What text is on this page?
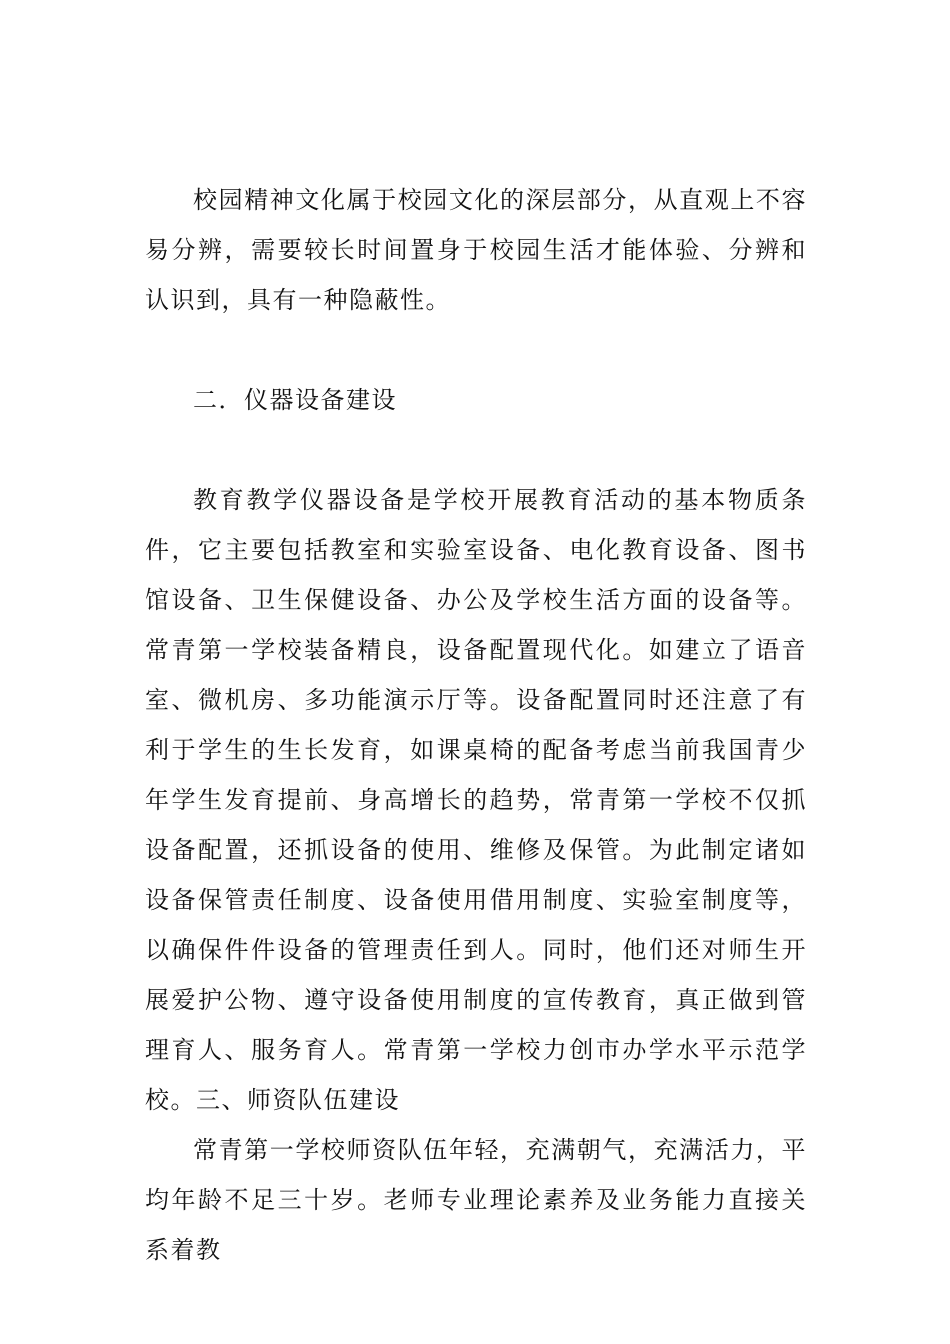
校园精神文化属于校园文化的深层部分，从直观上不容易分辨，需要较长时间置身于校园生活才能体验、分辨和认识到，具有一种隐蔽性。

二．仪器设备建设

教育教学仪器设备是学校开展教育活动的基本物质条件，它主要包括教室和实验室设备、电化教育设备、图书馆设备、卫生保健设备、办公及学校生活方面的设备等。常青第一学校装备精良，设备配置现代化。如建立了语音室、微机房、多功能演示厅等。设备配置同时还注意了有利于学生的生长发育，如课桌椅的配备考虑当前我国青少年学生发育提前、身高增长的趋势，常青第一学校不仅抓设备配置，还抓设备的使用、维修及保管。为此制定诸如设备保管责任制度、设备使用借用制度、实验室制度等，以确保件件设备的管理责任到人。同时，他们还对师生开展爱护公物、遵守设备使用制度的宣传教育，真正做到管理育人、服务育人。常青第一学校力创市办学水平示范学校。三、师资队伍建设

常青第一学校师资队伍年轻，充满朝气，充满活力，平均年龄不足三十岁。老师专业理论素养及业务能力直接关系着教
